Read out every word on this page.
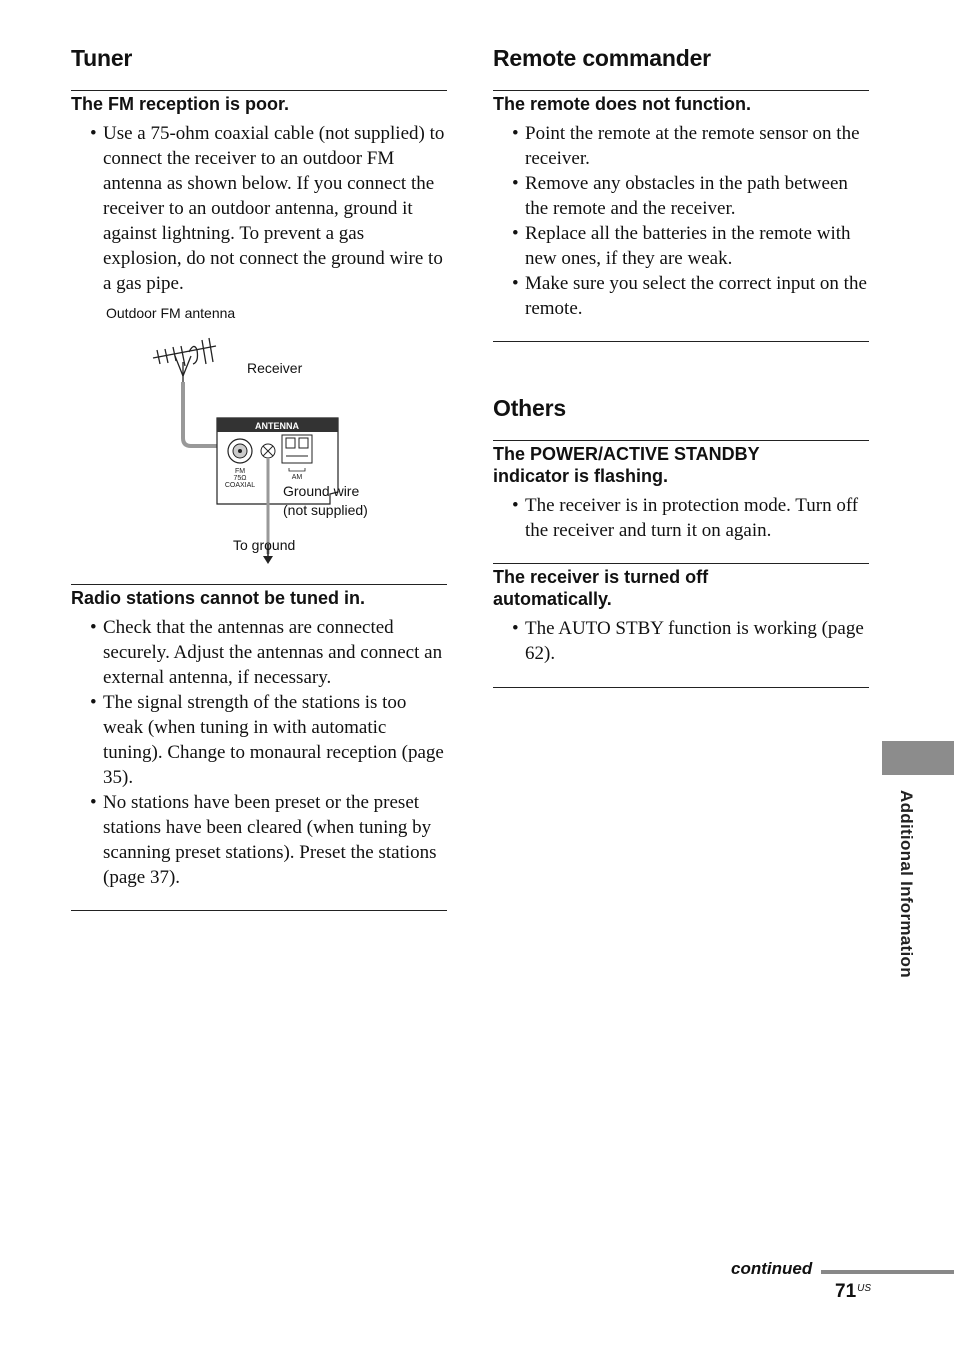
Tuner

The FM reception is poor.

• Use a 75-ohm coaxial cable (not supplied) to connect the receiver to an outdoor FM antenna as shown below. If you connect the receiver to an outdoor antenna, ground it against lightning. To prevent a gas explosion, do not connect the ground wire to a gas pipe.
ANTENNA
FM
75Ω
COAXIAL
AM
Outdoor FM antenna
Receiver
Ground wire
(not supplied)
To ground

Radio stations cannot be tuned in.

• Check that the antennas are connected securely. Adjust the antennas and connect an external antenna, if necessary.
• The signal strength of the stations is too weak (when tuning in with automatic tuning). Change to monaural reception (page 35).
• No stations have been preset or the preset stations have been cleared (when tuning by scanning preset stations). Preset the stations (page 37).
Remote commander

The remote does not function.

• Point the remote at the remote sensor on the receiver.
• Remove any obstacles in the path between the remote and the receiver.
• Replace all the batteries in the remote with new ones, if they are weak.
• Make sure you select the correct input on the remote.
Others

The POWER/ACTIVE STANDBY
indicator is flashing.

• The receiver is in protection mode. Turn off the receiver and turn it on again.

The receiver is turned off
automatically.

• The AUTO STBY function is working (page 62).
Additional Information
continued
$71^{US}$
